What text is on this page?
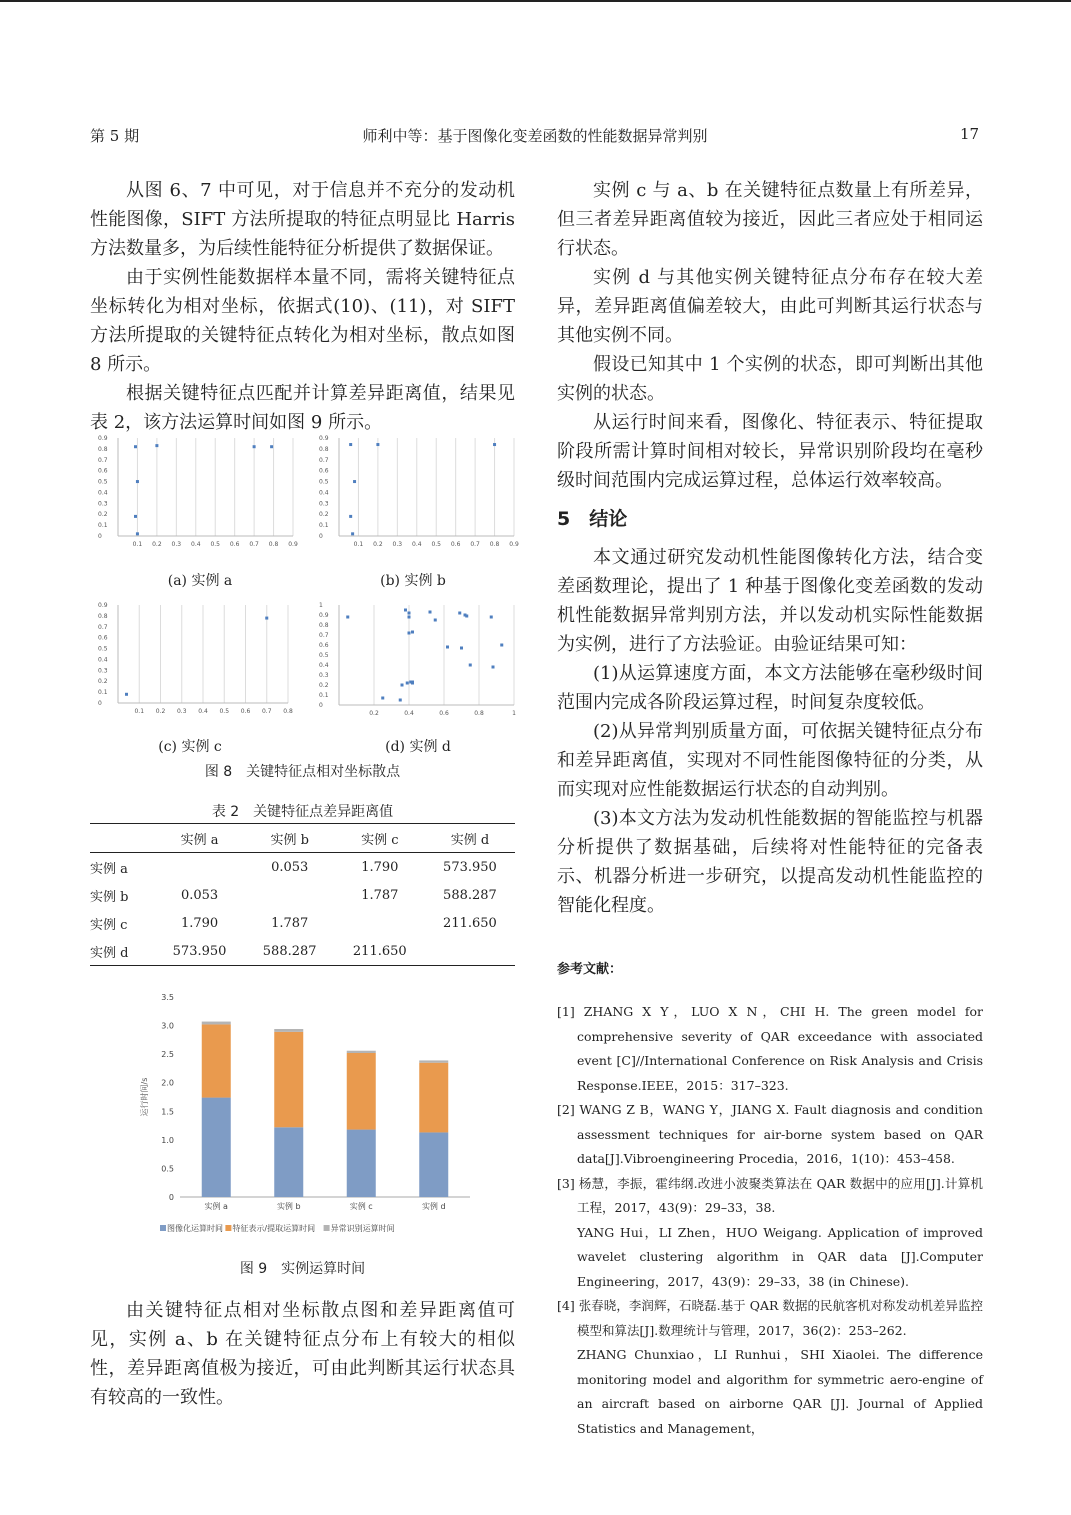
第 5 期	师利中等：基于图像化变差函数的性能数据异常判别	17

从图 6、7 中可见，对于信息并不充分的发动机性能图像，SIFT 方法所提取的特征点明显比 Harris 方法数量多，为后续性能特征分析提供了数据保证。

由于实例性能数据样本量不同，需将关键特征点坐标转化为相对坐标，依据式(10)、(11)，对 SIFT 方法所提取的关键特征点转化为相对坐标，散点如图 8 所示。

根据关键特征点匹配并计算差异距离值，结果见表 2，该方法运算时间如图 9 所示。

0.1 0.2 0.3 0.4 0.5 0.6 0.7 0.8 0.9
0
0.1
0.2
0.3
0.4
0.5
0.6
0.7
0.8
0.9
0.1 0.2 0.3 0.4 0.5 0.6 0.7 0.8 0.9
0
0.1
0.2
0.3
0.4
0.5
0.6
0.7
0.8
0.9
0.1 0.2 0.3 0.4 0.5 0.6 0.7 0.8
0
0.1
0.2
0.3
0.4
0.5
0.6
0.7
0.8
0.9
0.2	0.4	0.6	0.8	1
0
0.1
0.2
0.3
0.4
0.5
0.6
0.7
0.8
0.9
1
(a) 实例 a	(b) 实例 b
(c) 实例 c	(d) 实例 d
图 8　关键特征点相对坐标散点
表 2　关键特征点差异距离值
	实例 a	实例 b	实例 c	实例 d
实例 a		0.053	1.790	573.950
实例 b	0.053		1.787	588.287
实例 c	1.790	1.787		211.650
实例 d	573.950	588.287	211.650	
0
0.5
1.0
1.5
2.0
2.5
3.0
3.5
运行时间/s
实例 a	实例 b	实例 c	实例 d
图像化运算时间 特征表示/提取运算时间 异常识别运算时间
图 9　实例运算时间

由关键特征点相对坐标散点图和差异距离值可见，实例 a、b 在关键特征点分布上有较大的相似性，差异距离值极为接近，可由此判断其运行状态具有较高的一致性。

实例 c 与 a、b 在关键特征点数量上有所差异，但三者差异距离值较为接近，因此三者应处于相同运行状态。

实例 d 与其他实例关键特征点分布存在较大差异，差异距离值偏差较大，由此可判断其运行状态与其他实例不同。

假设已知其中 1 个实例的状态，即可判断出其他实例的状态。

从运行时间来看，图像化、特征表示、特征提取阶段所需计算时间相对较长，异常识别阶段均在毫秒级时间范围内完成运算过程，总体运行效率较高。

5　结论

本文通过研究发动机性能图像转化方法，结合变差函数理论，提出了 1 种基于图像化变差函数的发动机性能数据异常判别方法，并以发动机实际性能数据为实例，进行了方法验证。由验证结果可知：

(1)从运算速度方面，本文方法能够在毫秒级时间范围内完成各阶段运算过程，时间复杂度较低。

(2)从异常判别质量方面，可依据关键特征点分布和差异距离值，实现对不同性能图像特征的分类，从而实现对应性能数据运行状态的自动判别。

(3)本文方法为发动机性能数据的智能监控与机器分析提供了数据基础，后续将对性能特征的完备表示、机器分析进一步研究，以提高发动机性能监控的智能化程度。

参考文献：
[1] ZHANG X Y，LUO X N，CHI H. The green model for comprehensive severity of QAR exceedance with associated event [C]//International Conference on Risk Analysis and Crisis Response.IEEE，2015：317–323.
[2] WANG Z B，WANG Y，JIANG X. Fault diagnosis and condition assessment techniques for air-borne system based on QAR data[J].Vibroengineering Procedia，2016，1(10)：453–458.
[3] 杨慧，李振，霍纬纲.改进小波聚类算法在 QAR 数据中的应用[J].计算机工程，2017，43(9)：29–33，38.
YANG Hui，LI Zhen，HUO Weigang. Application of improved wavelet clustering algorithm in QAR data [J].Computer Engineering，2017，43(9)：29–33，38 (in Chinese).
[4] 张春晓，李润辉，石晓磊.基于 QAR 数据的民航客机对称发动机差异监控模型和算法[J].数理统计与管理，2017，36(2)：253–262.
ZHANG Chunxiao，LI Runhui，SHI Xiaolei. The difference monitoring model and algorithm for symmetric aero-engine of an aircraft based on airborne QAR [J]. Journal of Applied Statistics and Management，
